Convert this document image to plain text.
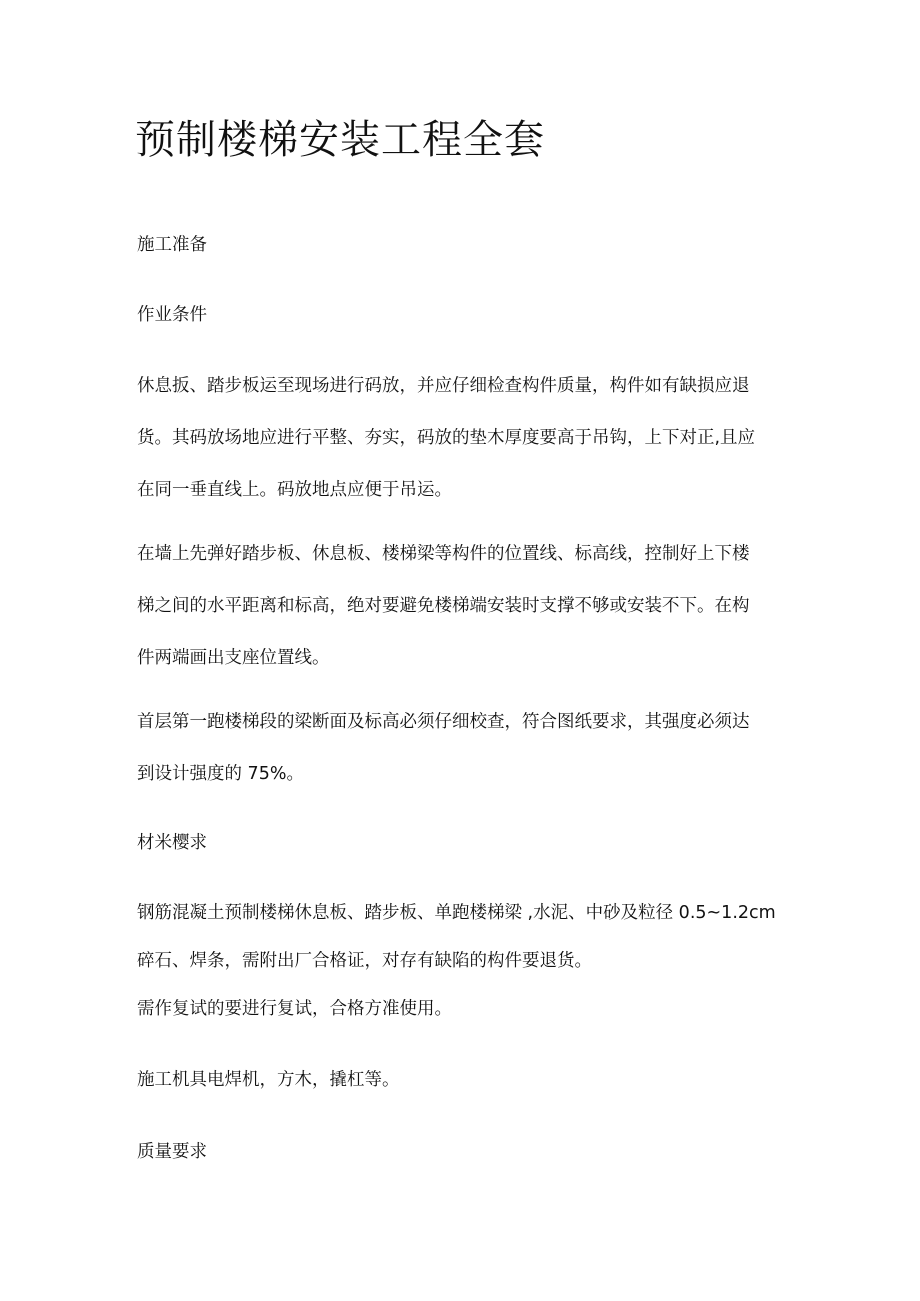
预制楼梯安装工程全套
施工准备
作业条件
休息扳、踏步板运至现场进行码放，并应仔细检查构件质量，构件如有缺损应退
货。其码放场地应进行平整、夯实，码放的垫木厚度要高于吊钩，上下对正,且应
在同一垂直线上。码放地点应便于吊运。
在墙上先弹好踏步板、休息板、楼梯梁等构件的位置线、标高线，控制好上下楼
梯之间的水平距离和标高，绝对要避免楼梯端安装时支撑不够或安装不下。在构
件两端画出支座位置线。
首层第一跑楼梯段的梁断面及标高必须仔细校查，符合图纸要求，其强度必须达
到设计强度的 75%。
材米樱求
钢筋混凝土预制楼梯休息板、踏步板、单跑楼梯梁 ,水泥、中砂及粒径 0.5~1.2cm
碎石、焊条，需附出厂合格证，对存有缺陷的构件要退货。
需作复试的要进行复试，合格方准使用。
施工机具电焊机，方木，撬杠等。
质量要求
